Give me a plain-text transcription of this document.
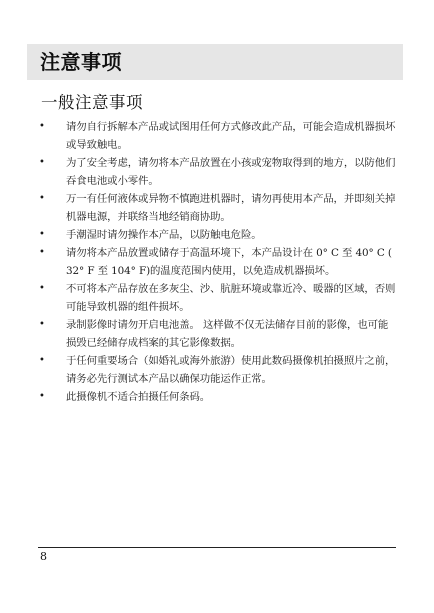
注意事项
一般注意事项
•	请勿自行拆解本产品或试图用任何方式修改此产品，可能会造成机器损坏或导致触电。
•	为了安全考虑，请勿将本产品放置在小孩或宠物取得到的地方，以防他们吞食电池或小零件。
•	万一有任何液体或异物不慎跑进机器时，请勿再使用本产品，并即刻关掉机器电源，并联络当地经销商协助。
•	手潮湿时请勿操作本产品，以防触电危险。
•	请勿将本产品放置或储存于高温环境下，本产品设计在 0° C 至 40° C ( 32° F 至 104° F)的温度范围内使用，以免造成机器损坏。
•	不可将本产品存放在多灰尘、沙、肮脏环境或靠近冷、暖器的区域，否则可能导致机器的组件损坏。
•	录制影像时请勿开启电池盖。 这样做不仅无法储存目前的影像，也可能损毁已经储存成档案的其它影像数据。
•	于任何重要场合（如婚礼或海外旅游）使用此数码摄像机拍摄照片之前，请务必先行测试本产品以确保功能运作正常。
•	此摄像机不适合拍摄任何条码。
8
